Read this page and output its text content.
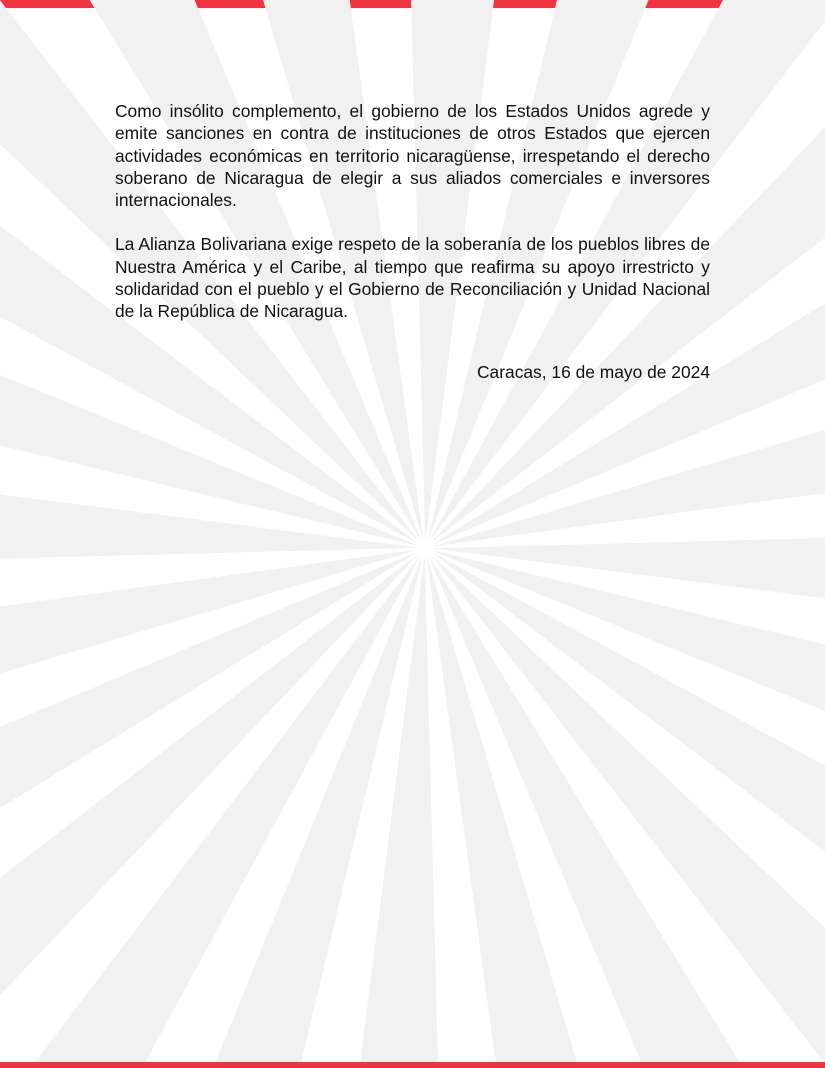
Como insólito complemento, el gobierno de los Estados Unidos agrede y emite sanciones en contra de instituciones de otros Estados que ejercen actividades económicas en territorio nicaragüense, irrespetando el derecho soberano de Nicaragua de elegir a sus aliados comerciales e inversores internacionales.

La Alianza Bolivariana exige respeto de la soberanía de los pueblos libres de Nuestra América y el Caribe, al tiempo que reafirma su apoyo irrestricto y solidaridad con el pueblo y el Gobierno de Reconciliación y Unidad Nacional de la República de Nicaragua.

Caracas, 16 de mayo de 2024
